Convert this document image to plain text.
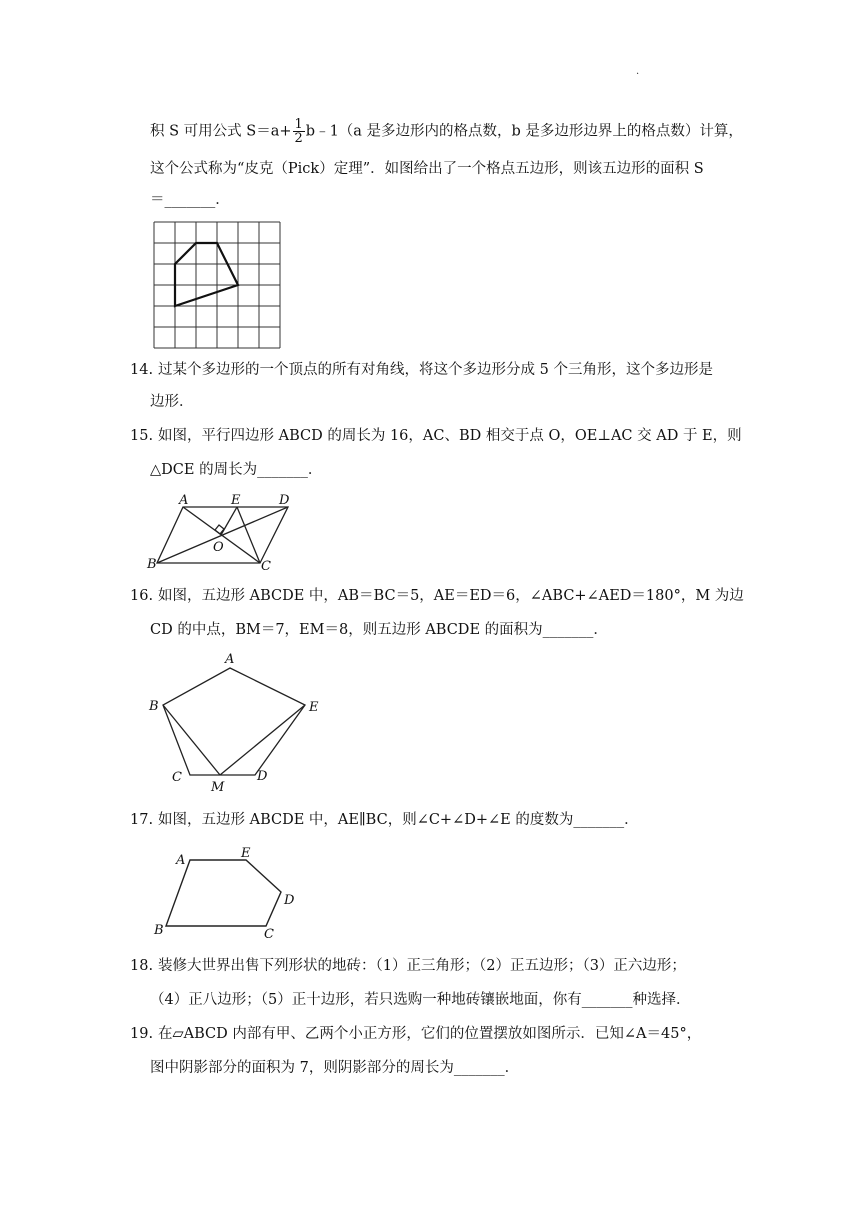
.
积 S 可用公式 $S=a+ \frac{1}{2}$ b﹣1（a 是多边形内的格点数，b 是多边形边界上的格点数）计算，
这个公式称为“皮克（Pick）定理”．如图给出了一个格点五边形，则该五边形的面积 S
＝_______．
14. 过某个多边形的一个顶点的所有对角线，将这个多边形分成 5 个三角形，这个多边形是
边形．
15. 如图，平行四边形 ABCD 的周长为 16，AC、BD 相交于点 O，OE⊥AC 交 AD 于 E，则
△DCE 的周长为_______．
A	E	D
O
B	C
16. 如图，五边形 ABCDE 中，AB＝BC＝5，AE＝ED＝6，∠ABC+∠AED＝180°，M 为边
CD 的中点，BM＝7，EM＝8，则五边形 ABCDE 的面积为_______．
A
B	E
C
M
D
17. 如图，五边形 ABCDE 中，AE∥BC，则∠C+∠D+∠E 的度数为_______．
A	E
D
B	C
18. 装修大世界出售下列形状的地砖：（1）正三角形；（2）正五边形；（3）正六边形；
（4）正八边形；（5）正十边形，若只选购一种地砖镶嵌地面，你有_______种选择．
19. 在▱ABCD 内部有甲、乙两个小正方形，它们的位置摆放如图所示．已知∠A＝45°，
图中阴影部分的面积为 7，则阴影部分的周长为_______．
